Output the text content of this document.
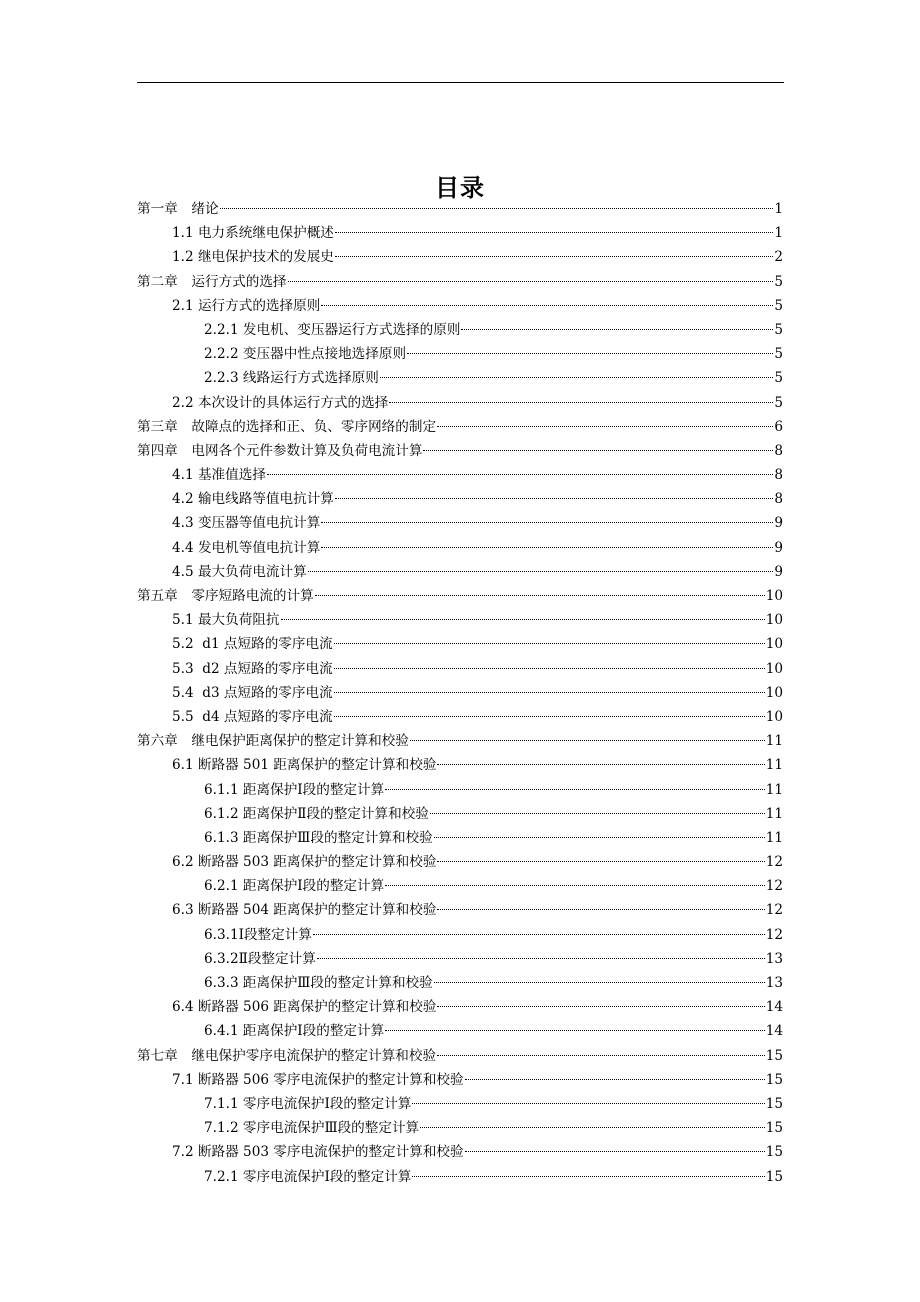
目录
第一章　绪论	1
1.1 电力系统继电保护概述	1
1.2 继电保护技术的发展史	2
第二章　运行方式的选择	5
2.1 运行方式的选择原则	5
2.2.1 发电机、变压器运行方式选择的原则	5
2.2.2 变压器中性点接地选择原则	5
2.2.3 线路运行方式选择原则	5
2.2 本次设计的具体运行方式的选择	5
第三章　故障点的选择和正、负、零序网络的制定	6
第四章　电网各个元件参数计算及负荷电流计算	8
4.1 基准值选择	8
4.2 输电线路等值电抗计算	8
4.3 变压器等值电抗计算	9
4.4 发电机等值电抗计算	9
4.5 最大负荷电流计算	9
第五章　零序短路电流的计算	10
5.1 最大负荷阻抗	10
5.2  d1 点短路的零序电流	10
5.3  d2 点短路的零序电流	10
5.4  d3 点短路的零序电流	10
5.5  d4 点短路的零序电流	10
第六章　继电保护距离保护的整定计算和校验	11
6.1 断路器 501 距离保护的整定计算和校验	11
6.1.1 距离保护Ⅰ段的整定计算	11
6.1.2 距离保护Ⅱ段的整定计算和校验	11
6.1.3 距离保护Ⅲ段的整定计算和校验	11
6.2 断路器 503 距离保护的整定计算和校验	12
6.2.1 距离保护Ⅰ段的整定计算	12
6.3 断路器 504 距离保护的整定计算和校验	12
6.3.1Ⅰ段整定计算	12
6.3.2Ⅱ段整定计算	13
6.3.3 距离保护Ⅲ段的整定计算和校验	13
6.4 断路器 506 距离保护的整定计算和校验	14
6.4.1 距离保护Ⅰ段的整定计算	14
第七章　继电保护零序电流保护的整定计算和校验	15
7.1 断路器 506 零序电流保护的整定计算和校验	15
7.1.1 零序电流保护Ⅰ段的整定计算	15
7.1.2 零序电流保护Ⅲ段的整定计算	15
7.2 断路器 503 零序电流保护的整定计算和校验	15
7.2.1 零序电流保护Ⅰ段的整定计算	15
